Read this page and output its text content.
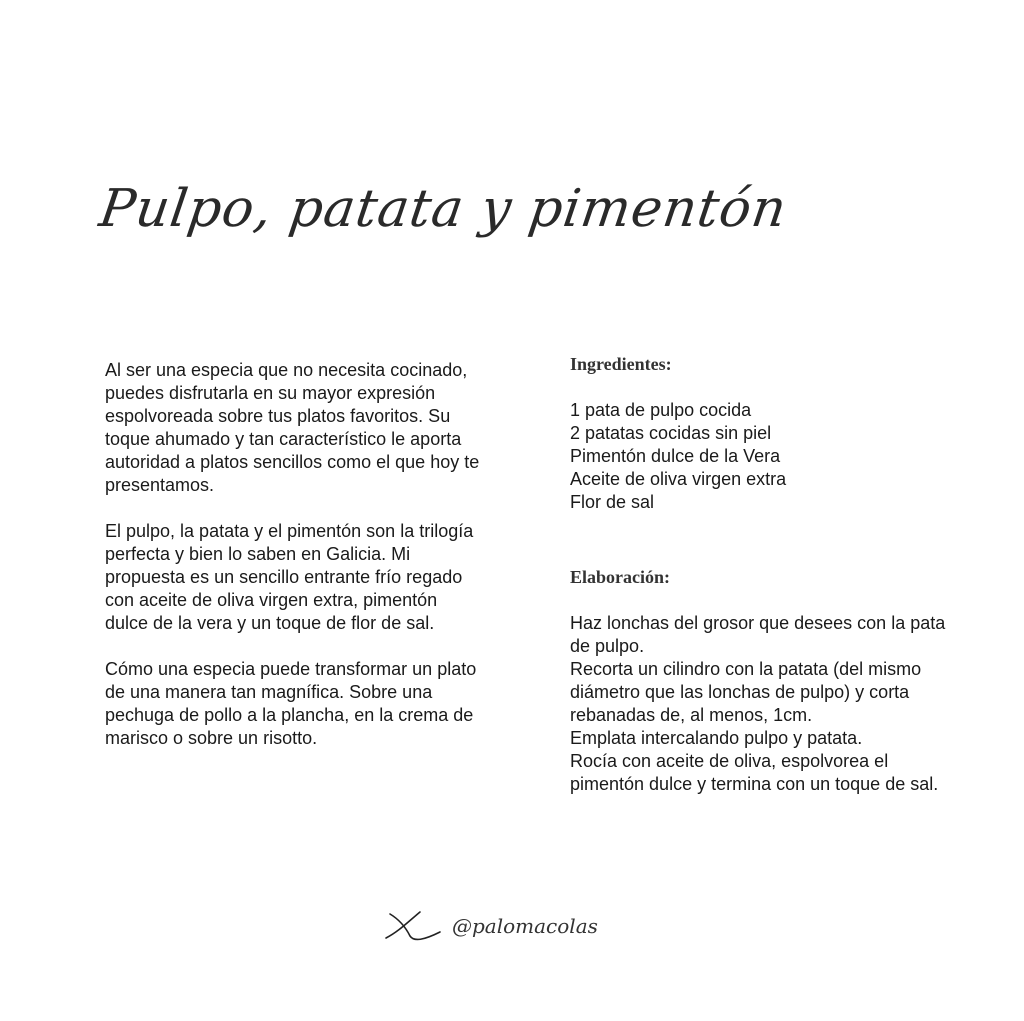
Pulpo, patata y pimentón

Al ser una especia que no necesita cocinado, puedes disfrutarla en su mayor expresión espolvoreada sobre tus platos favoritos. Su toque ahumado y tan característico le aporta autoridad a platos sencillos como el que hoy te presentamos.

El pulpo, la patata y el pimentón son la trilogía perfecta y bien lo saben en Galicia. Mi propuesta es un sencillo entrante frío regado con aceite de oliva virgen extra, pimentón dulce de la vera y un toque de flor de sal.

Cómo una especia puede transformar un plato de una manera tan magnífica. Sobre una pechuga de pollo a la plancha, en la crema de marisco o sobre un risotto.

Ingredientes:
1 pata de pulpo cocida
2 patatas cocidas sin piel
Pimentón dulce de la Vera
Aceite de oliva virgen extra
Flor de sal
Elaboración:
Haz lonchas del grosor que desees con la pata de pulpo.
Recorta un cilindro con la patata (del mismo diámetro que las lonchas de pulpo) y corta rebanadas de, al menos, 1cm.
Emplata intercalando pulpo y patata.
Rocía con aceite de oliva, espolvorea el pimentón dulce y termina con un toque de sal.
@palomacolas
